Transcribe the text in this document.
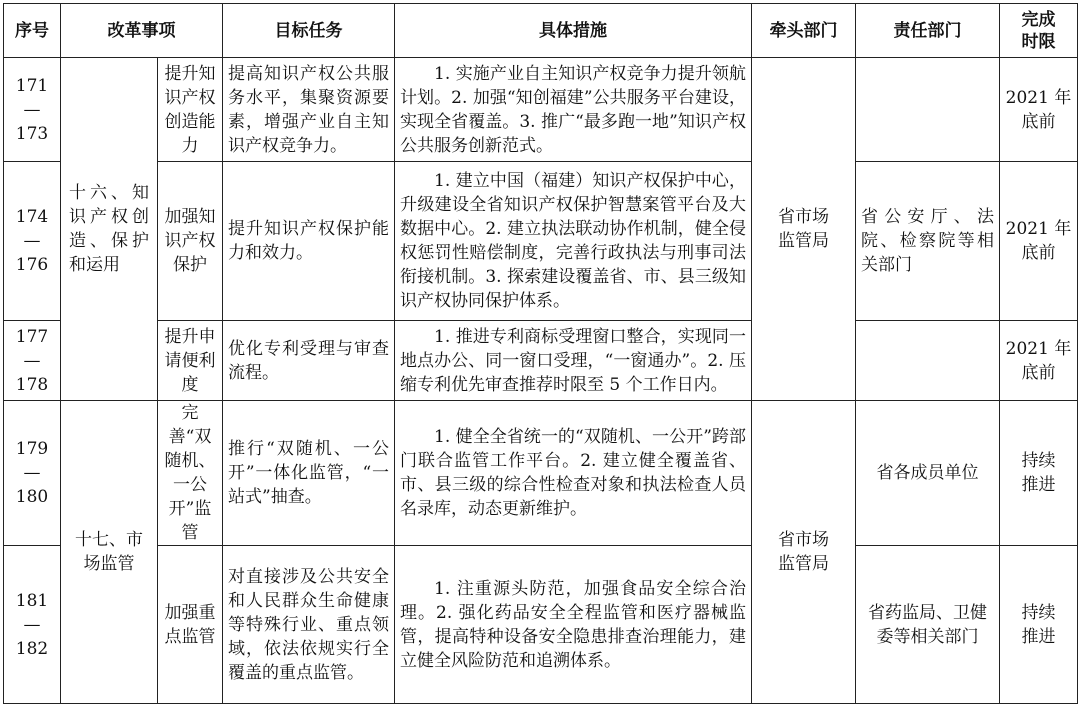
序号	改革事项		目标任务	具体措施	牵头部门	责任部门	完成
时限
171—
173	十六、知识产权创造、保护和运用	提升知识产权创造能力	提高知识产权公共服务水平，集聚资源要素，增强产业自主知识产权竞争力。	1. 实施产业自主知识产权竞争力提升领航计划。2. 加强“知创福建”公共服务平台建设，实现全省覆盖。3. 推广“最多跑一地”知识产权公共服务创新范式。	省市场监管局		2021 年
底前
174—
176		加强知识产权保护	提升知识产权保护能力和效力。	1. 建立中国（福建）知识产权保护中心，升级建设全省知识产权保护智慧案管平台及大数据中心。2. 建立执法联动协作机制，健全侵权惩罚性赔偿制度，完善行政执法与刑事司法衔接机制。3. 探索建设覆盖省、市、县三级知识产权协同保护体系。		省公安厅、法院、检察院等相关部门	2021 年
底前
177—
178		提升申请便利度	优化专利受理与审查流程。	1. 推进专利商标受理窗口整合，实现同一地点办公、同一窗口受理，“一窗通办”。2. 压缩专利优先审查推荐时限至 5 个工作日内。			2021 年
底前
179—
180	十七、市场监管	完善“双随机、一公开”监管	推行“双随机、一公开”一体化监管，“一站式”抽查。	1. 健全全省统一的“双随机、一公开”跨部门联合监管工作平台。2. 建立健全覆盖省、市、县三级的综合性检查对象和执法检查人员名录库，动态更新维护。	省市场监管局	省各成员单位	持续
推进
181—
182		加强重点监管	对直接涉及公共安全和人民群众生命健康等特殊行业、重点领域，依法依规实行全覆盖的重点监管。	1. 注重源头防范，加强食品安全综合治理。2. 强化药品安全全程监管和医疗器械监管，提高特种设备安全隐患排查治理能力，建立健全风险防范和追溯体系。		省药监局、卫健委等相关部门	持续
推进
